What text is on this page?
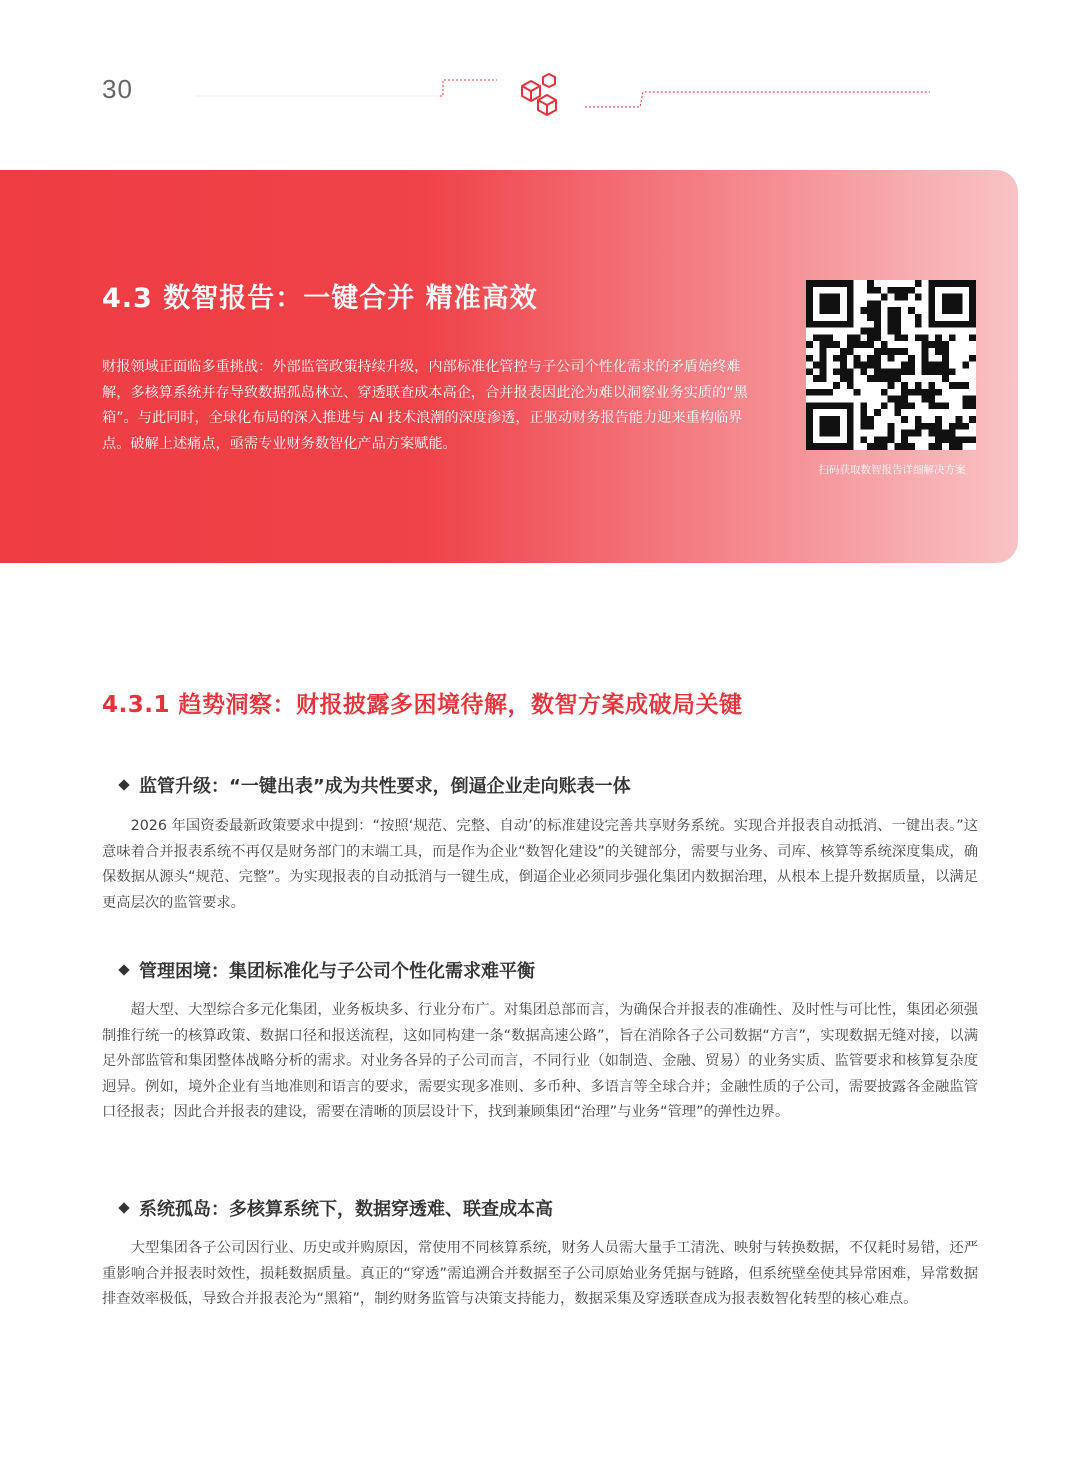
30
4.3 数智报告：一键合并 精准高效

财报领域正面临多重挑战：外部监管政策持续升级，内部标准化管控与子公司个性化需求的矛盾始终难解，多核算系统并存导致数据孤岛林立、穿透联查成本高企，合并报表因此沦为难以洞察业务实质的“黑箱”。与此同时，全球化布局的深入推进与 AI 技术浪潮的深度渗透，正驱动财务报告能力迎来重构临界点。破解上述痛点，亟需专业财务数智化产品方案赋能。

扫码获取数智报告详细解决方案
4.3.1 趋势洞察：财报披露多困境待解，数智方案成破局关键
监管升级：“一键出表”成为共性要求，倒逼企业走向账表一体

2026 年国资委最新政策要求中提到：“按照‘规范、完整、自动’的标准建设完善共享财务系统。实现合并报表自动抵消、一键出表。”这意味着合并报表系统不再仅是财务部门的末端工具，而是作为企业“数智化建设”的关键部分，需要与业务、司库、核算等系统深度集成，确保数据从源头“规范、完整”。为实现报表的自动抵消与一键生成，倒逼企业必须同步强化集团内数据治理，从根本上提升数据质量，以满足更高层次的监管要求。

管理困境：集团标准化与子公司个性化需求难平衡

超大型、大型综合多元化集团，业务板块多、行业分布广。对集团总部而言，为确保合并报表的准确性、及时性与可比性，集团必须强制推行统一的核算政策、数据口径和报送流程，这如同构建一条“数据高速公路”，旨在消除各子公司数据“方言”，实现数据无缝对接，以满足外部监管和集团整体战略分析的需求。对业务各异的子公司而言，不同行业（如制造、金融、贸易）的业务实质、监管要求和核算复杂度迥异。例如，境外企业有当地准则和语言的要求，需要实现多准则、多币种、多语言等全球合并；金融性质的子公司，需要披露各金融监管口径报表；因此合并报表的建设，需要在清晰的顶层设计下，找到兼顾集团“治理”与业务“管理”的弹性边界。

系统孤岛：多核算系统下，数据穿透难、联查成本高

大型集团各子公司因行业、历史或并购原因，常使用不同核算系统，财务人员需大量手工清洗、映射与转换数据，不仅耗时易错，还严重影响合并报表时效性，损耗数据质量。真正的“穿透”需追溯合并数据至子公司原始业务凭据与链路，但系统壁垒使其异常困难，异常数据排查效率极低，导致合并报表沦为“黑箱”，制约财务监管与决策支持能力，数据采集及穿透联查成为报表数智化转型的核心难点。
